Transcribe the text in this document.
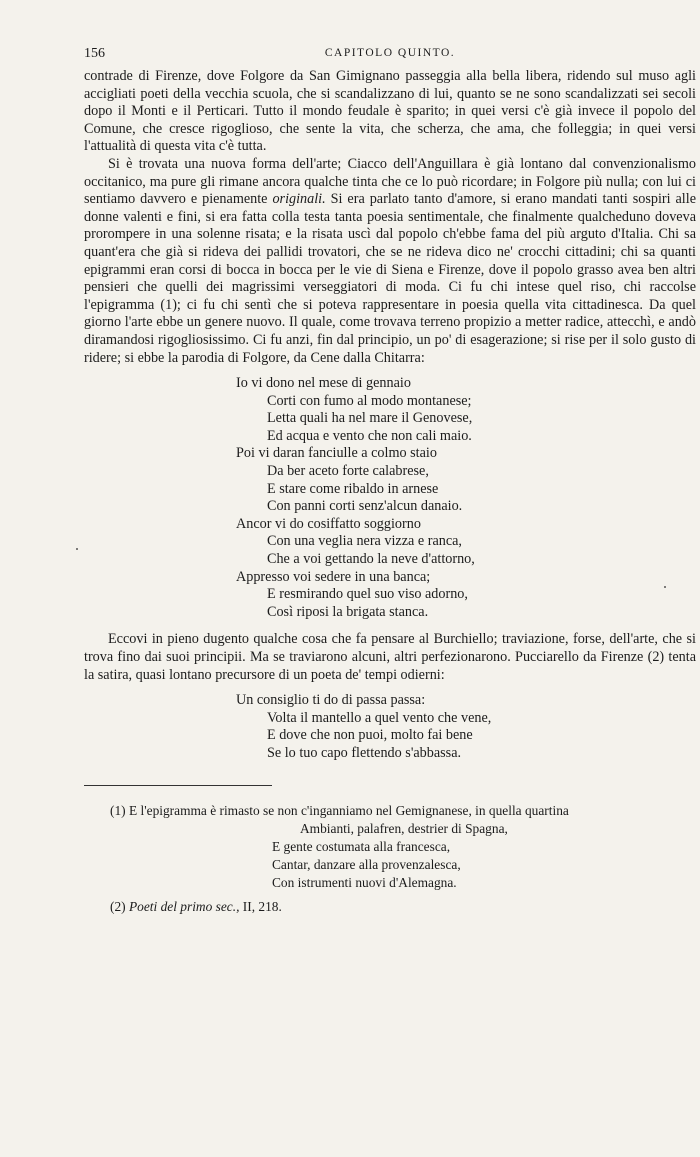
156	CAPITOLO QUINTO.

contrade di Firenze, dove Folgore da San Gimignano passeggia alla bella libera, ridendo sul muso agli accigliati poeti della vecchia scuola, che si scandalizzano di lui, quanto se ne sono scandalizzati sei secoli dopo il Monti e il Perticari. Tutto il mondo feudale è sparito; in quei versi c'è già invece il popolo del Comune, che cresce rigoglioso, che sente la vita, che scherza, che ama, che folleggia; in quei versi l'attualità di questa vita c'è tutta.

Si è trovata una nuova forma dell'arte; Ciacco dell'Anguillara è già lontano dal convenzionalismo occitanico, ma pure gli rimane ancora qualche tinta che ce lo può ricordare; in Folgore più nulla; con lui ci sentiamo davvero e pienamente originali. Si era parlato tanto d'amore, si erano mandati tanti sospiri alle donne valenti e fini, si era fatta colla testa tanta poesia sentimentale, che finalmente qualcheduno doveva prorompere in una solenne risata; e la risata uscì dal popolo ch'ebbe fama del più arguto d'Italia. Chi sa quant'era che già si rideva dei pallidi trovatori, che se ne rideva dico ne' crocchi cittadini; chi sa quanti epigrammi eran corsi di bocca in bocca per le vie di Siena e Firenze, dove il popolo grasso avea ben altri pensieri che quelli dei magrissimi verseggiatori di moda. Ci fu chi intese quel riso, chi raccolse l'epigramma (1); ci fu chi sentì che si poteva rappresentare in poesia quella vita cittadinesca. Da quel giorno l'arte ebbe un genere nuovo. Il quale, come trovava terreno propizio a metter radice, attecchì, e andò diramandosi rigogliosissimo. Ci fu anzi, fin dal principio, un po' di esagerazione; si rise per il solo gusto di ridere; si ebbe la parodia di Folgore, da Cene dalla Chitarra:

Io vi dono nel mese di gennaio
Corti con fumo al modo montanese;
Letta quali ha nel mare il Genovese,
Ed acqua e vento che non cali maio.
Poi vi daran fanciulle a colmo staio
Da ber aceto forte calabrese,
E stare come ribaldo in arnese
Con panni corti senz'alcun danaio.
Ancor vi do cosiffatto soggiorno
Con una veglia nera vizza e ranca,
Che a voi gettando la neve d'attorno,
Appresso voi sedere in una banca;
E resmirando quel suo viso adorno,
Così riposi la brigata stanca.

Eccovi in pieno dugento qualche cosa che fa pensare al Burchiello; traviazione, forse, dell'arte, che si trova fino dai suoi principii. Ma se traviarono alcuni, altri perfezionarono. Pucciarello da Firenze (2) tenta la satira, quasi lontano precursore di un poeta de' tempi odierni:

Un consiglio ti do di passa passa:
Volta il mantello a quel vento che vene,
E dove che non puoi, molto fai bene
Se lo tuo capo flettendo s'abbassa.
(1) E l'epigramma è rimasto se non c'inganniamo nel Gemignanese, in quella quartina
Ambianti, palafren, destrier di Spagna,
E gente costumata alla francesca,
Cantar, danzare alla provenzalesca,
Con istrumenti nuovi d'Alemagna.
(2) Poeti del primo sec., II, 218.
